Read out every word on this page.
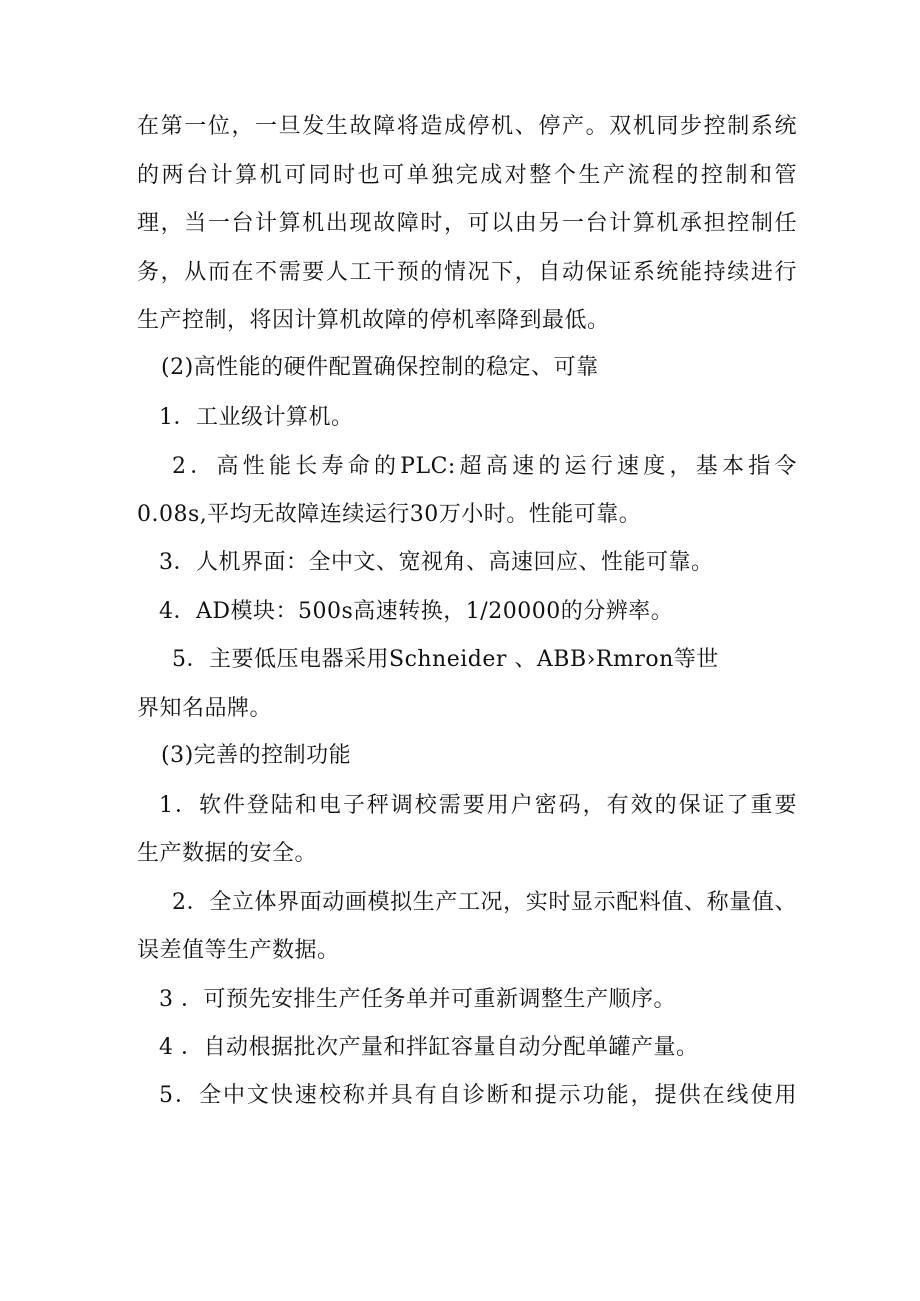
在第一位，一旦发生故障将造成停机、停产。双机同步控制系统
的两台计算机可同时也可单独完成对整个生产流程的控制和管
理，当一台计算机出现故障时，可以由另一台计算机承担控制任
务，从而在不需要人工干预的情况下，自动保证系统能持续进行
生产控制，将因计算机故障的停机率降到最低。
(2)高性能的硬件配置确保控制的稳定、可靠
1．工业级计算机。
2．高性能长寿命的PLC:超高速的运行速度，基本指令
0.08s,平均无故障连续运行30万小时。性能可靠。
3．人机界面：全中文、宽视角、高速回应、性能可靠。
4．AD模块：500s高速转换，1/20000的分辨率。
5．主要低压电器采用Schneider 、ABB›Rmron等世
界知名品牌。
(3)完善的控制功能
1．软件登陆和电子秤调校需要用户密码，有效的保证了重要
生产数据的安全。
2．全立体界面动画模拟生产工况，实时显示配料值、称量值、
误差值等生产数据。
3 ．可预先安排生产任务单并可重新调整生产顺序。
4 ．自动根据批次产量和拌缸容量自动分配单罐产量。
5．全中文快速校称并具有自诊断和提示功能，提供在线使用
